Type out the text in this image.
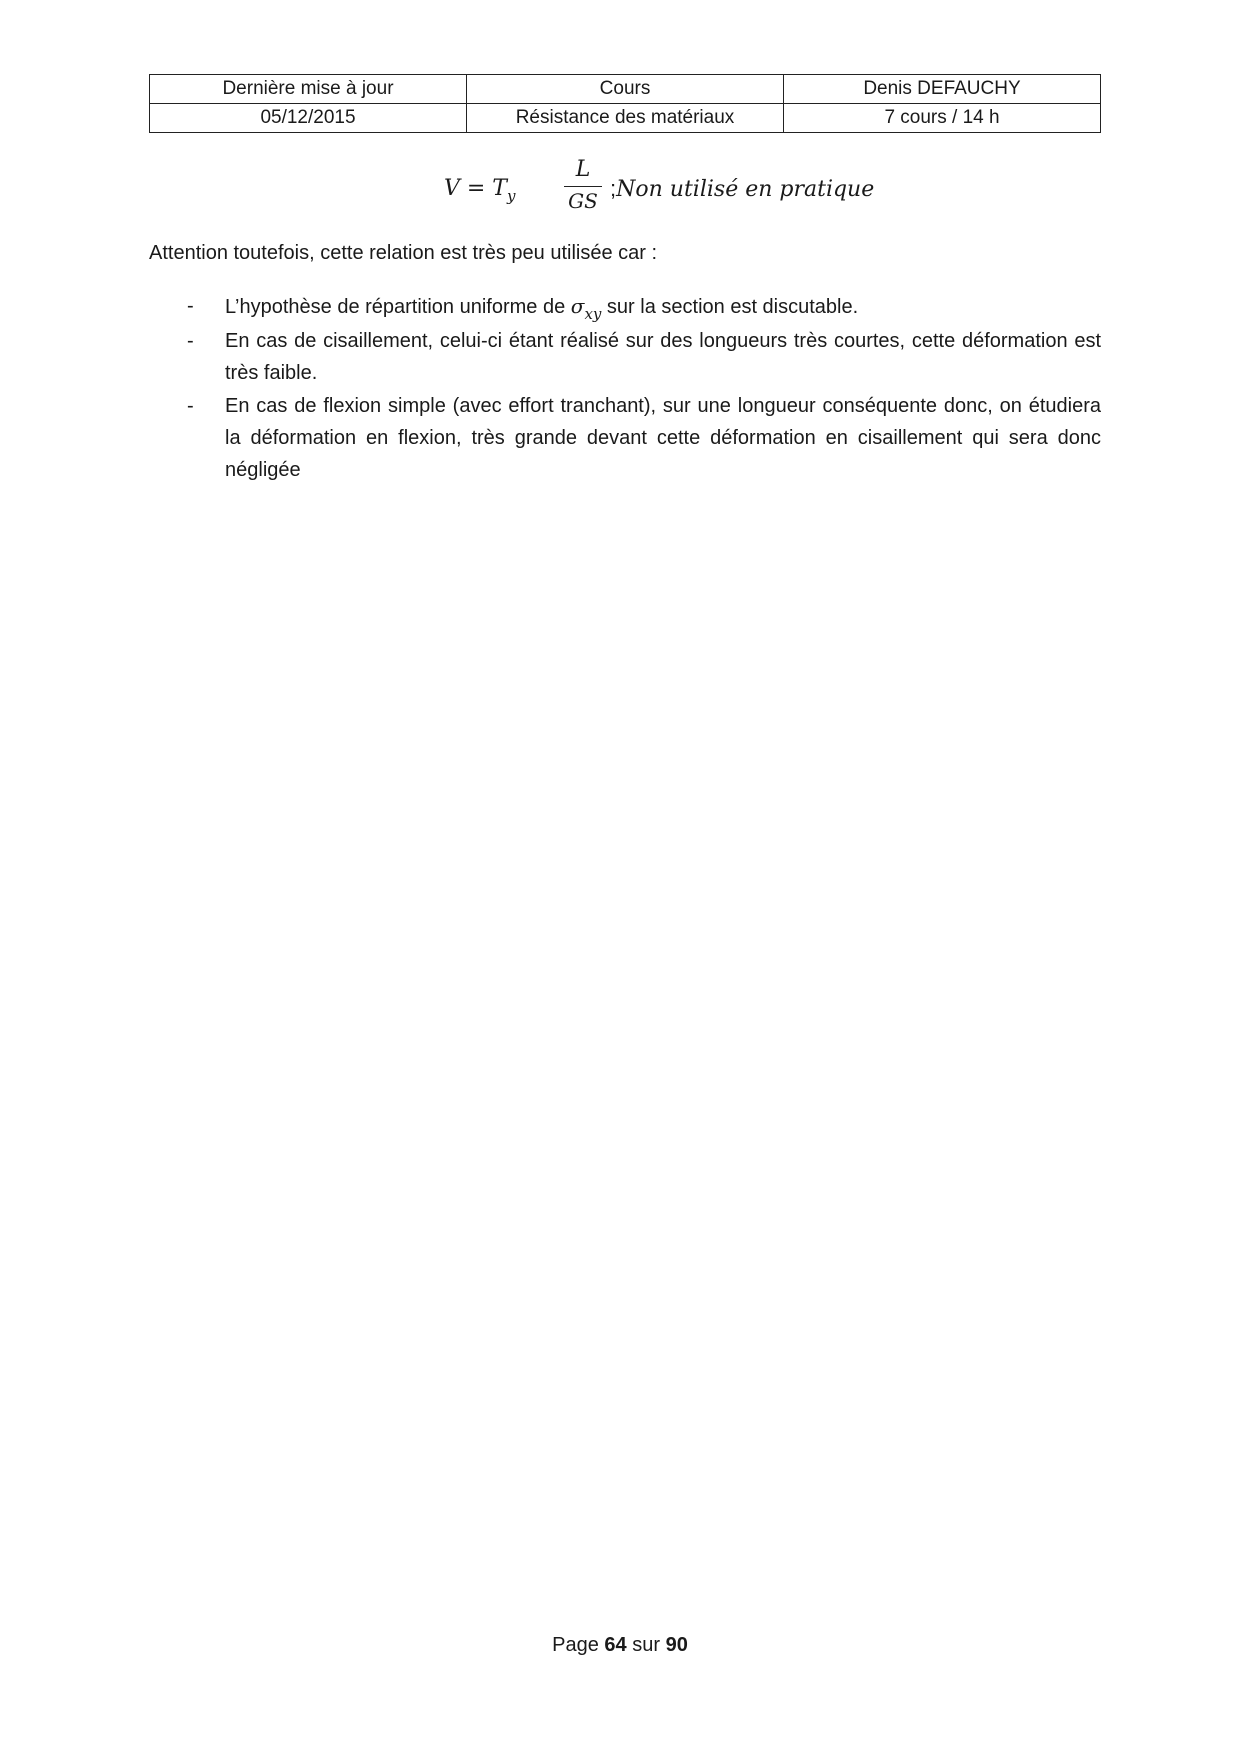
Dernière mise à jour	Cours	Denis DEFAUCHY
05/12/2015	Résistance des matériaux	7 cours / 14 h
$V = T_y$
L
GS ;Non utilisé en pratique
Attention toutefois, cette relation est très peu utilisée car :
- L’hypothèse de répartition uniforme de $\sigma_{xy}$ sur la section est discutable.
- En cas de cisaillement, celui-ci étant réalisé sur des longueurs très courtes, cette déformation est très faible.
- En cas de flexion simple (avec effort tranchant), sur une longueur conséquente donc, on étudiera la déformation en flexion, très grande devant cette déformation en cisaillement qui sera donc négligée
Page 64 sur 90
